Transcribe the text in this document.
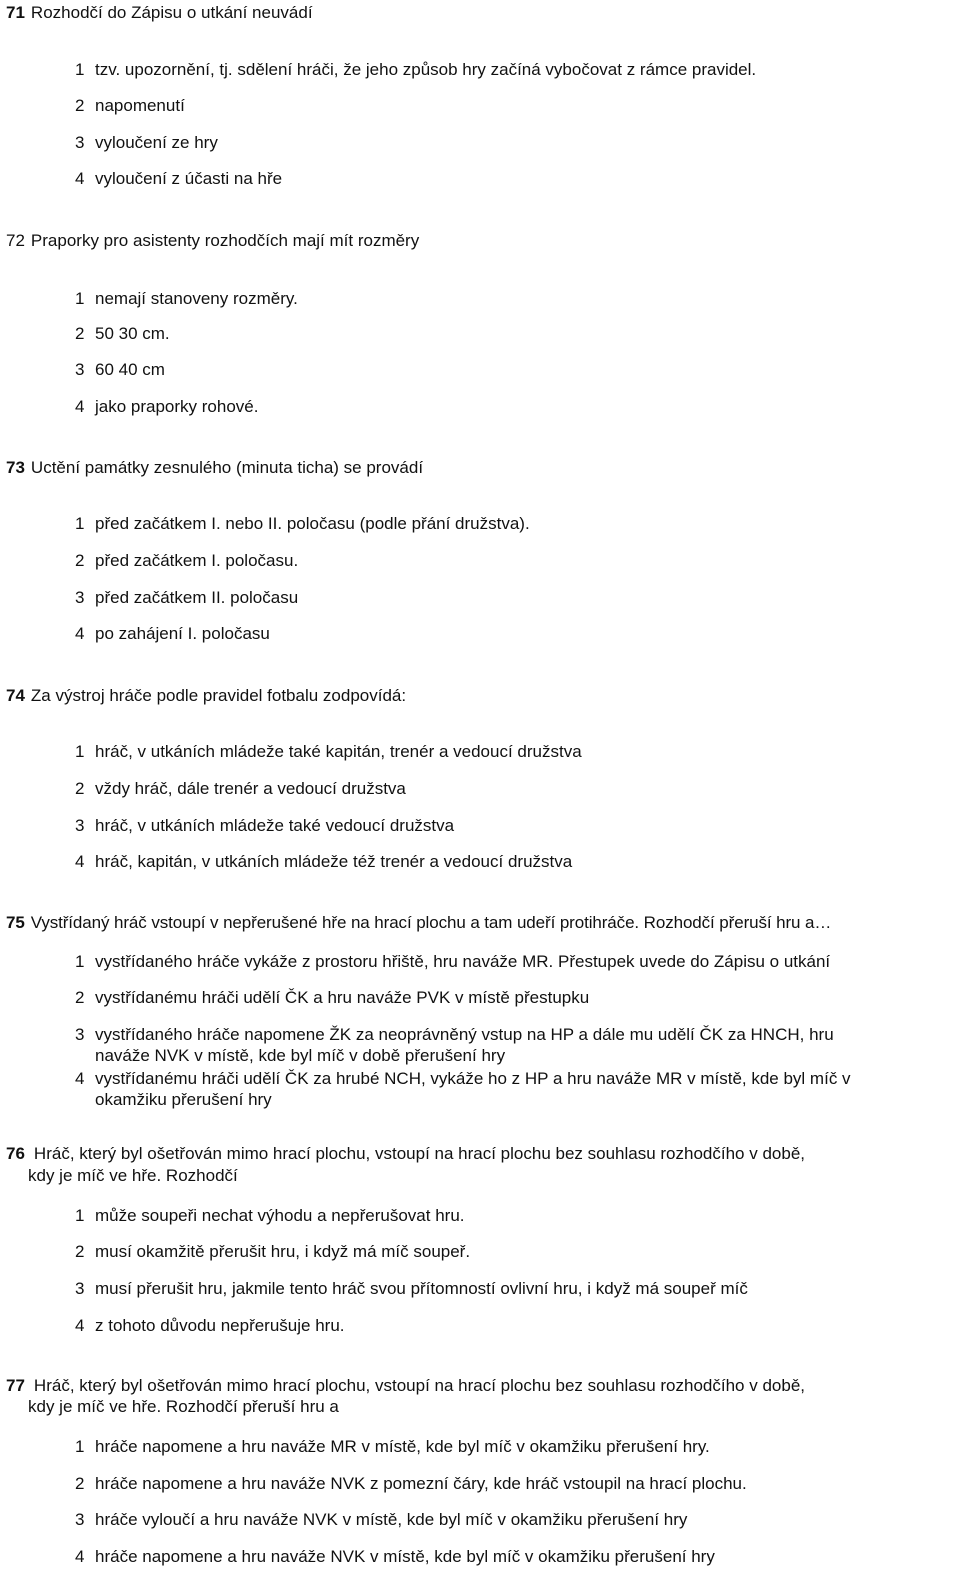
71 Rozhodčí do Zápisu o utkání neuvádí
1 tzv. upozornění, tj. sdělení hráči, že jeho způsob hry začíná vybočovat z rámce pravidel.
2 napomenutí
3 vyloučení ze hry
4 vyloučení z účasti na hře
72 Praporky pro asistenty rozhodčích mají mít rozměry
1 nemají stanoveny rozměry.
2 50 30 cm.
3 60 40 cm
4 jako praporky rohové.
73 Uctění památky zesnulého (minuta ticha) se provádí
1 před začátkem I. nebo II. poločasu (podle přání družstva).
2 před začátkem I. poločasu.
3 před začátkem II. poločasu
4 po zahájení I. poločasu
74 Za výstroj hráče podle pravidel fotbalu zodpovídá:
1 hráč, v utkáních mládeže také kapitán, trenér a vedoucí družstva
2 vždy hráč, dále trenér a vedoucí družstva
3 hráč, v utkáních mládeže také vedoucí družstva
4 hráč, kapitán, v utkáních mládeže též trenér a vedoucí družstva
75 Vystřídaný hráč vstoupí v nepřerušené hře na hrací plochu a tam udeří protihráče. Rozhodčí přeruší hru a…
1 vystřídaného hráče vykáže z prostoru hřiště, hru naváže MR. Přestupek uvede do Zápisu o utkání
2 vystřídanému hráči udělí ČK a hru naváže PVK v místě přestupku
3 vystřídaného hráče napomene ŽK za neoprávněný vstup na HP a dále mu udělí ČK za HNCH, hru
naváže NVK v místě, kde byl míč v době přerušení hry
4 vystřídanému hráči udělí ČK za hrubé NCH, vykáže ho z HP a hru naváže MR v místě, kde byl míč v
okamžiku přerušení hry
76 Hráč, který byl ošetřován mimo hrací plochu, vstoupí na hrací plochu bez souhlasu rozhodčího v době,
kdy je míč ve hře. Rozhodčí
1 může soupeři nechat výhodu a nepřerušovat hru.
2 musí okamžitě přerušit hru, i když má míč soupeř.
3 musí přerušit hru, jakmile tento hráč svou přítomností ovlivní hru, i když má soupeř míč
4 z tohoto důvodu nepřerušuje hru.
77 Hráč, který byl ošetřován mimo hrací plochu, vstoupí na hrací plochu bez souhlasu rozhodčího v době,
kdy je míč ve hře. Rozhodčí přeruší hru a
1 hráče napomene a hru naváže MR v místě, kde byl míč v okamžiku přerušení hry.
2 hráče napomene a hru naváže NVK z pomezní čáry, kde hráč vstoupil na hrací plochu.
3 hráče vyloučí a hru naváže NVK v místě, kde byl míč v okamžiku přerušení hry
4 hráče napomene a hru naváže NVK v místě, kde byl míč v okamžiku přerušení hry
